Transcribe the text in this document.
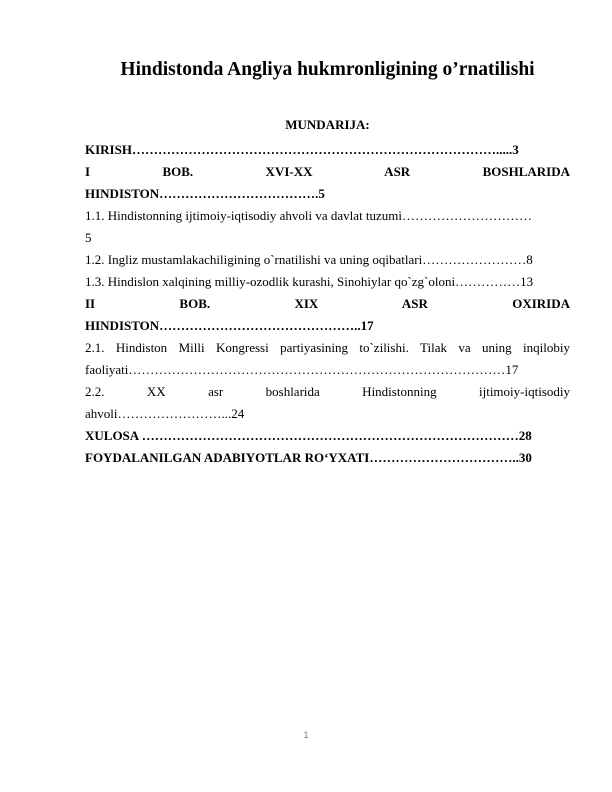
Hindistonda Angliya hukmronligining o’rnatilishi
MUNDARIJA:
KIRISH………………………………………………………………………….....3
I BOB. XVI-XX ASR BOSHLARIDA
HINDISTON……………………………….5
1.1. Hindistonning ijtimoiy-iqtisodiy ahvoli va davlat tuzumi…………………………
5
1.2. Ingliz mustamlakachiligining o`rnatilishi va uning oqibatlari……………………8
1.3. Hindislon xalqining milliy-ozodlik kurashi, Sinohiylar qo`zg`oloni……………13
II BOB. XIX ASR OXIRIDA
HINDISTON………………………………………..17
2.1. Hindiston Milli Kongressi partiyasining to`zilishi. Tilak va uning inqilobiy
faoliyati……………………………………………………………………………17
2.2. XX asr boshlarida Hindistonning ijtimoiy-iqtisodiy
ahvoli……………………...24
XULOSA ……………………………………………………………………………28
FOYDALANILGAN ADABIYOTLAR RO‘YXATI……………………………..30
1
